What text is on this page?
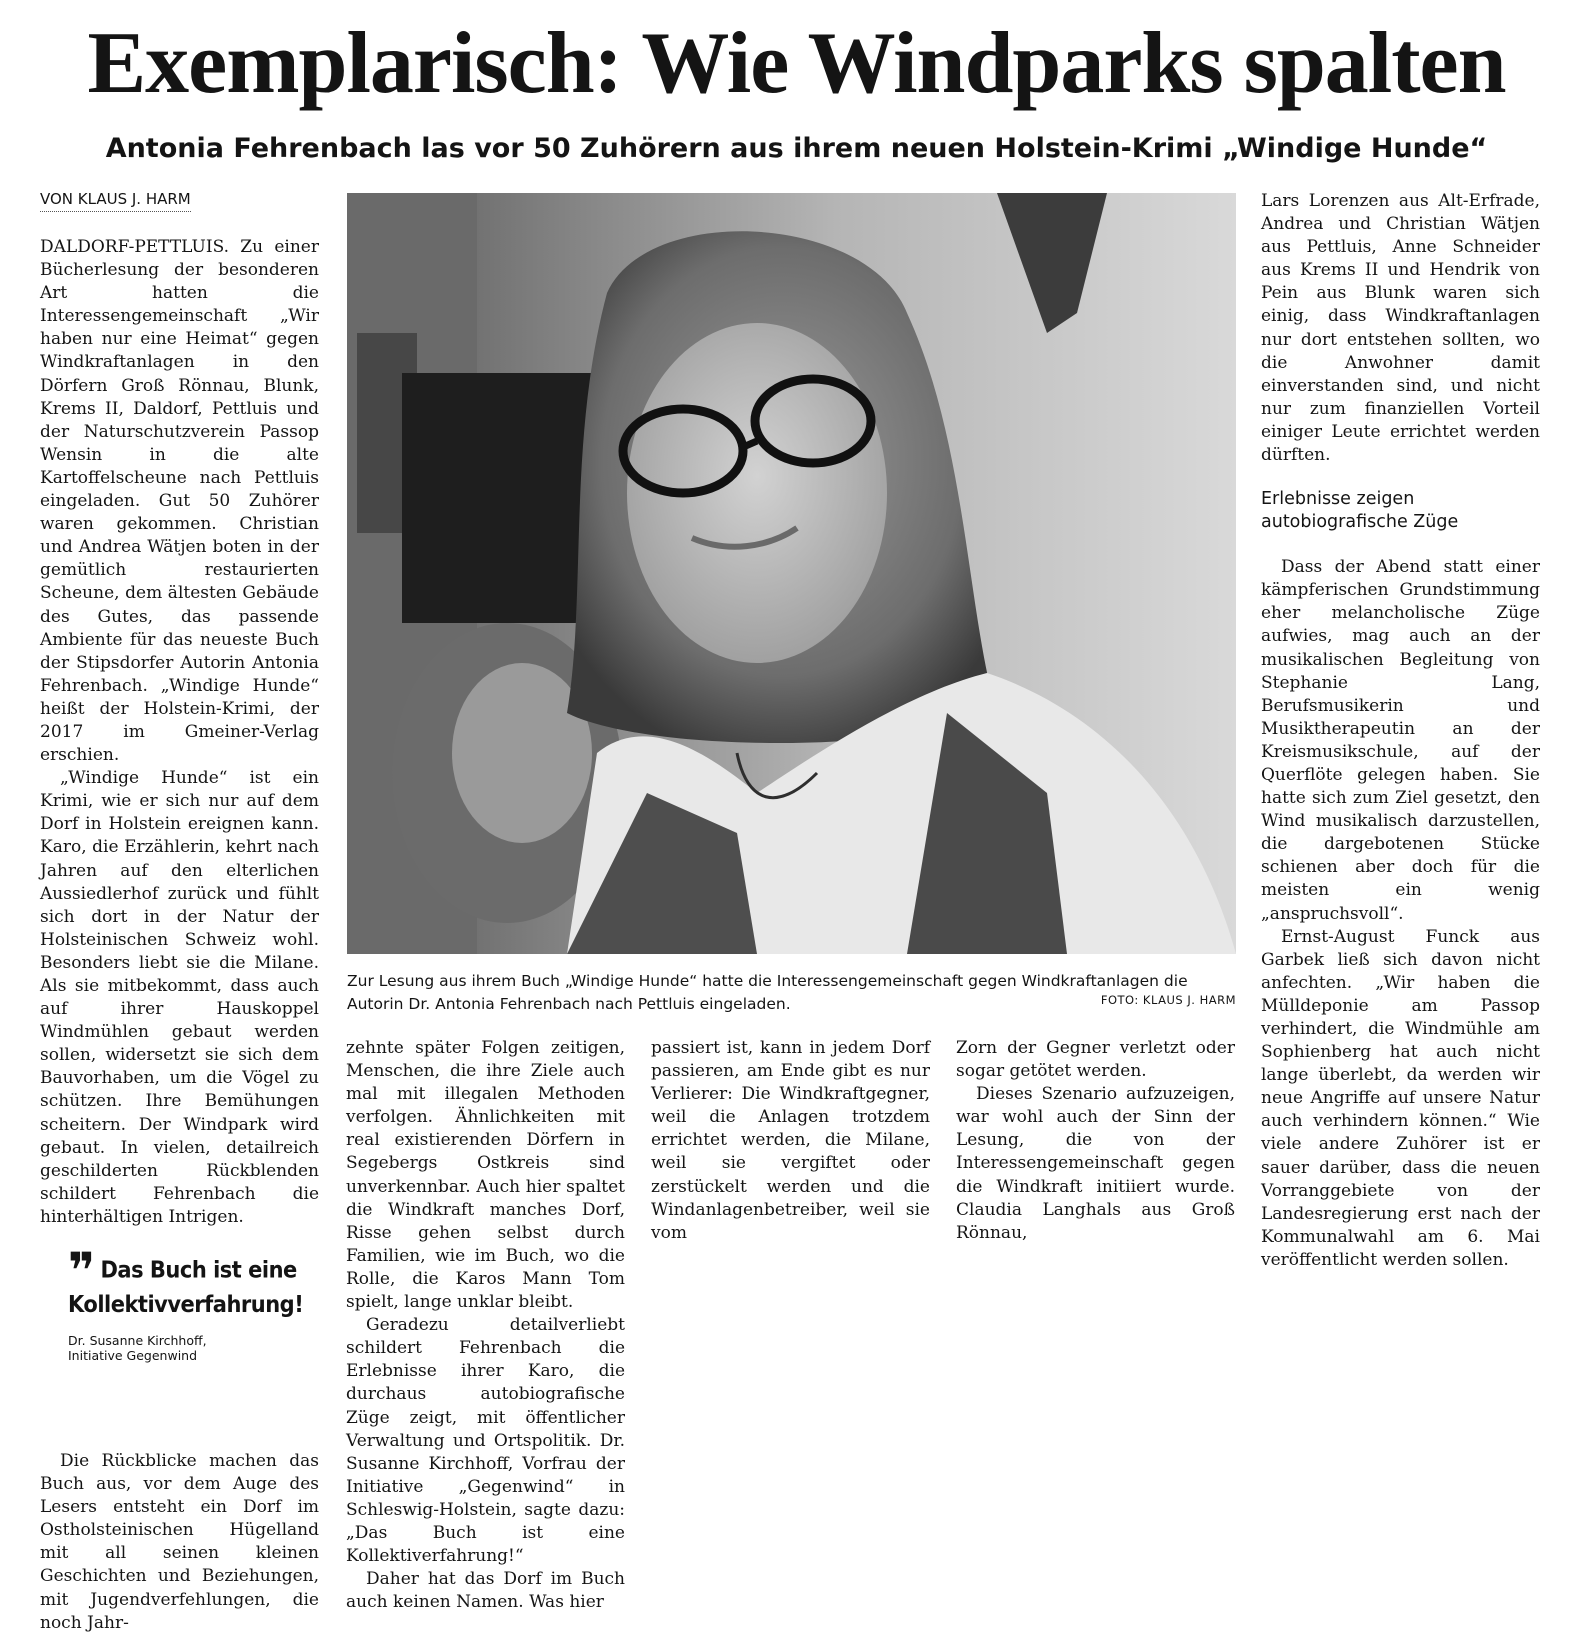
Exemplarisch: Wie Windparks spalten
Antonia Fehrenbach las vor 50 Zuhörern aus ihrem neuen Holstein-Krimi „Windige Hunde“
VON KLAUS J. HARM

DALDORF-PETTLUIS. Zu einer Bücherlesung der besonderen Art hatten die Interessengemeinschaft „Wir haben nur eine Heimat“ gegen Windkraftanlagen in den Dörfern Groß Rönnau, Blunk, Krems II, Daldorf, Pettluis und der Naturschutzverein Passop Wensin in die alte Kartoffelscheune nach Pettluis eingeladen. Gut 50 Zuhörer waren gekommen. Christian und Andrea Wätjen boten in der gemütlich restaurierten Scheune, dem ältesten Gebäude des Gutes, das passende Ambiente für das neueste Buch der Stipsdorfer Autorin Antonia Fehrenbach. „Windige Hunde“ heißt der Holstein-Krimi, der 2017 im Gmeiner-Verlag erschien.

„Windige Hunde“ ist ein Krimi, wie er sich nur auf dem Dorf in Holstein ereignen kann. Karo, die Erzählerin, kehrt nach Jahren auf den elterlichen Aussiedlerhof zurück und fühlt sich dort in der Natur der Holsteinischen Schweiz wohl. Besonders liebt sie die Milane. Als sie mitbekommt, dass auch auf ihrer Hauskoppel Windmühlen gebaut werden sollen, widersetzt sie sich dem Bauvorhaben, um die Vögel zu schützen. Ihre Bemühungen scheitern. Der Windpark wird gebaut. In vielen, detailreich geschilderten Rückblenden schildert Fehrenbach die hinterhältigen Intrigen.

❞ Das Buch ist eine Kollektivverfahrung!
Dr. Susanne Kirchhoff,
Initiative Gegenwind

Die Rückblicke machen das Buch aus, vor dem Auge des Lesers entsteht ein Dorf im Ostholsteinischen Hügelland mit all seinen kleinen Geschichten und Beziehungen, mit Jugendverfehlungen, die noch Jahr-

Zur Lesung aus ihrem Buch „Windige Hunde“ hatte die Interessengemeinschaft gegen Windkraftanlagen die Autorin Dr. Antonia Fehrenbach nach Pettluis eingeladen.	FOTO: KLAUS J. HARM

zehnte später Folgen zeitigen, Menschen, die ihre Ziele auch mal mit illegalen Methoden verfolgen. Ähnlichkeiten mit real existierenden Dörfern in Segebergs Ostkreis sind unverkennbar. Auch hier spaltet die Windkraft manches Dorf, Risse gehen selbst durch Familien, wie im Buch, wo die Rolle, die Karos Mann Tom spielt, lange unklar bleibt.

Geradezu detailverliebt schildert Fehrenbach die Erlebnisse ihrer Karo, die durchaus autobiografische Züge zeigt, mit öffentlicher Verwaltung und Ortspolitik. Dr. Susanne Kirchhoff, Vorfrau der Initiative „Gegenwind“ in Schleswig-Holstein, sagte dazu: „Das Buch ist eine Kollektiverfahrung!“

Daher hat das Dorf im Buch auch keinen Namen. Was hier

passiert ist, kann in jedem Dorf passieren, am Ende gibt es nur Verlierer: Die Windkraftgegner, weil die Anlagen trotzdem errichtet werden, die Milane, weil sie vergiftet oder zerstückelt werden und die Windanlagenbetreiber, weil sie vom

Zorn der Gegner verletzt oder sogar getötet werden.

Dieses Szenario aufzuzeigen, war wohl auch der Sinn der Lesung, die von der Interessengemeinschaft gegen die Windkraft initiiert wurde. Claudia Langhals aus Groß Rönnau,

Lars Lorenzen aus Alt-Erfrade, Andrea und Christian Wätjen aus Pettluis, Anne Schneider aus Krems II und Hendrik von Pein aus Blunk waren sich einig, dass Windkraftanlagen nur dort entstehen sollten, wo die Anwohner damit einverstanden sind, und nicht nur zum finanziellen Vorteil einiger Leute errichtet werden dürften.

Erlebnisse zeigen autobiografische Züge

Dass der Abend statt einer kämpferischen Grundstimmung eher melancholische Züge aufwies, mag auch an der musikalischen Begleitung von Stephanie Lang, Berufsmusikerin und Musiktherapeutin an der Kreismusikschule, auf der Querflöte gelegen haben. Sie hatte sich zum Ziel gesetzt, den Wind musikalisch darzustellen, die dargebotenen Stücke schienen aber doch für die meisten ein wenig „anspruchsvoll“.

Ernst-August Funck aus Garbek ließ sich davon nicht anfechten. „Wir haben die Mülldeponie am Passop verhindert, die Windmühle am Sophienberg hat auch nicht lange überlebt, da werden wir neue Angriffe auf unsere Natur auch verhindern können.“ Wie viele andere Zuhörer ist er sauer darüber, dass die neuen Vorranggebiete von der Landesregierung erst nach der Kommunalwahl am 6. Mai veröffentlicht werden sollen.
